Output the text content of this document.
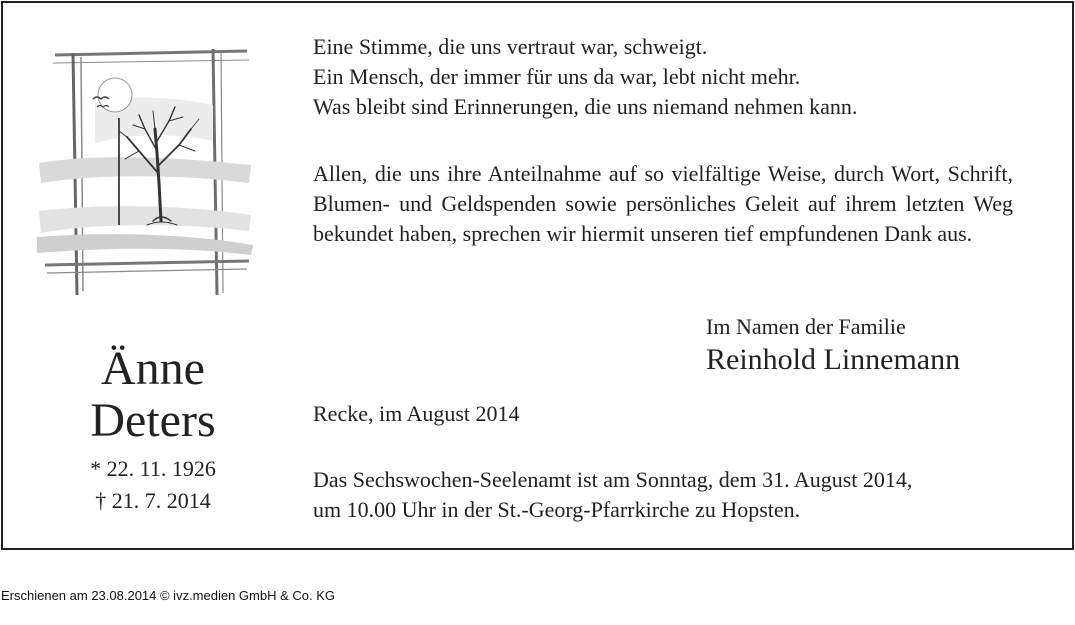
Änne
Deters
* 22. 11. 1926
† 21. 7. 2014
Eine Stimme, die uns vertraut war, schweigt.
Ein Mensch, der immer für uns da war, lebt nicht mehr.
Was bleibt sind Erinnerungen, die uns niemand nehmen kann.
Allen, die uns ihre Anteilnahme auf so vielfältige Weise, durch Wort, Schrift, Blumen- und Geldspenden sowie persönliches Geleit auf ihrem letzten Weg bekundet haben, sprechen wir hiermit unseren tief empfundenen Dank aus.
Im Namen der Familie
Reinhold Linnemann
Recke, im August 2014
Das Sechswochen-Seelenamt ist am Sonntag, dem 31. August 2014,
um 10.00 Uhr in der St.-Georg-Pfarrkirche zu Hopsten.
Erschienen am 23.08.2014 © ivz.medien GmbH & Co. KG
